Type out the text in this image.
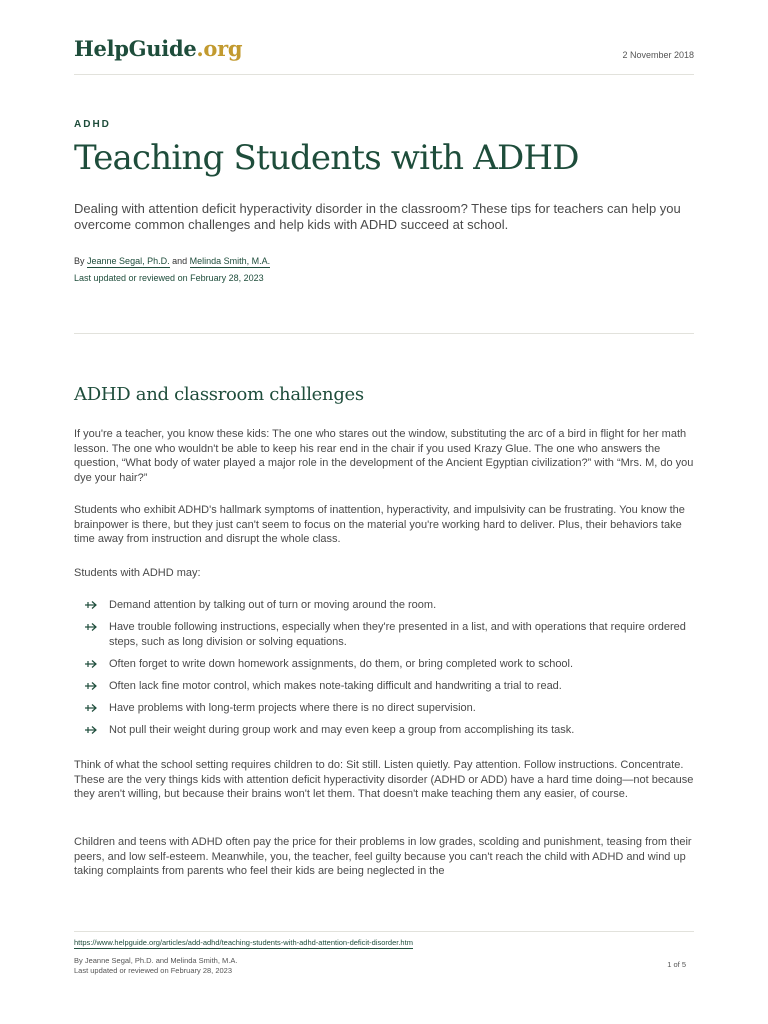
HelpGuide.org	2 November 2018
ADHD
Teaching Students with ADHD

Dealing with attention deficit hyperactivity disorder in the classroom? These tips for teachers can help you overcome common challenges and help kids with ADHD succeed at school.

By Jeanne Segal, Ph.D. and Melinda Smith, M.A.
Last updated or reviewed on February 28, 2023
ADHD and classroom challenges

If you're a teacher, you know these kids: The one who stares out the window, substituting the arc of a bird in flight for her math lesson. The one who wouldn't be able to keep his rear end in the chair if you used Krazy Glue. The one who answers the question, “What body of water played a major role in the development of the Ancient Egyptian civilization?” with “Mrs. M, do you dye your hair?”

Students who exhibit ADHD's hallmark symptoms of inattention, hyperactivity, and impulsivity can be frustrating. You know the brainpower is there, but they just can't seem to focus on the material you're working hard to deliver. Plus, their behaviors take time away from instruction and disrupt the whole class.

Students with ADHD may:

Demand attention by talking out of turn or moving around the room.
Have trouble following instructions, especially when they're presented in a list, and with operations that require ordered steps, such as long division or solving equations.
Often forget to write down homework assignments, do them, or bring completed work to school.
Often lack fine motor control, which makes note-taking difficult and handwriting a trial to read.
Have problems with long-term projects where there is no direct supervision.
Not pull their weight during group work and may even keep a group from accomplishing its task.

Think of what the school setting requires children to do: Sit still. Listen quietly. Pay attention. Follow instructions. Concentrate. These are the very things kids with attention deficit hyperactivity disorder (ADHD or ADD) have a hard time doing—not because they aren't willing, but because their brains won't let them. That doesn't make teaching them any easier, of course.

Children and teens with ADHD often pay the price for their problems in low grades, scolding and punishment, teasing from their peers, and low self-esteem. Meanwhile, you, the teacher, feel guilty because you can't reach the child with ADHD and wind up taking complaints from parents who feel their kids are being neglected in the

https://www.helpguide.org/articles/add-adhd/teaching-students-with-adhd-attention-deficit-disorder.htm
By Jeanne Segal, Ph.D. and Melinda Smith, M.A.
Last updated or reviewed on February 28, 2023
1 of 5
